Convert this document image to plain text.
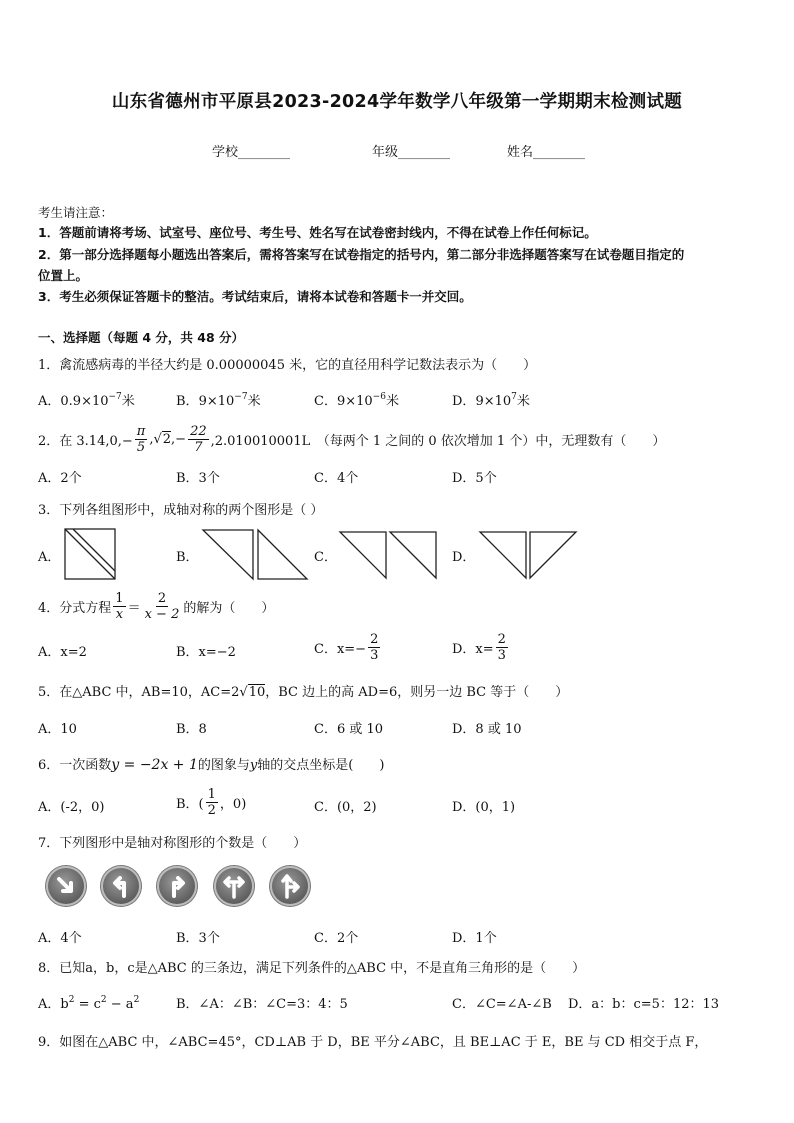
山东省德州市平原县2023-2024学年数学八年级第一学期期末检测试题
学校________	年级________	姓名________
考生请注意：
1．答题前请将考场、试室号、座位号、考生号、姓名写在试卷密封线内，不得在试卷上作任何标记。
2．第一部分选择题每小题选出答案后，需将答案写在试卷指定的括号内，第二部分非选择题答案写在试卷题目指定的
位置上。
3．考生必须保证答题卡的整洁。考试结束后，请将本试卷和答题卡一并交回。
一、选择题（每题 4 分，共 48 分）
1．禽流感病毒的半径大约是 0.00000045 米，它的直径用科学记数法表示为（　　）
A．$0.9\times 10^{-7}$米	B．$9\times 10^{-7}$米	C．$9\times 10^{-6}$米	D．$9\times 10^7$米
2．在 $3.14,0,- \frac{\pi}{5}$ , √ 2 ,− $\frac{22}{7} ,2.010010001L$　（每两个 1 之间的 0 依次增加 1 个）中，无理数有（　　）
A．2个	B．3个	C．4个	D．5个
3．下列各组图形中，成轴对称的两个图形是（ ）
A．	B．	C．	D．
4．分式方程 $\frac{1}{x} = \frac{2}{x - 2}$ 的解为（　　）
A．x=2	B．x=−2	C．$x=- \frac{2}{3}$	D．$x= \frac{2}{3}$
5．在△ABC 中，AB=10，AC=2√10，BC 边上的高 AD=6，则另一边 BC 等于（　　）
A．10	B．8	C．6 或 10	D．8 或 10
6．一次函数y = −2x + 1的图象与y轴的交点坐标是(　　)
A．(-2，0)	B．( $\frac{1}{2}$ ，0)	C．(0，2)	D．(0，1)
7．下列图形中是轴对称图形的个数是（　　）
A．4个	B．3个	C．2个	D．1个
8．已知a，b，c是△ABC 的三条边，满足下列条件的△ABC 中，不是直角三角形的是（　　）
A．$b^2 = c^2 - a^2$	B．∠A：∠B：∠C=3：4：5	C．∠C=∠A-∠B D．a：b：c=5：12：13
9．如图在△ABC 中，∠ABC=45°，CD⊥AB 于 D，BE 平分∠ABC，且 BE⊥AC 于 E，BE 与 CD 相交于点 F，
